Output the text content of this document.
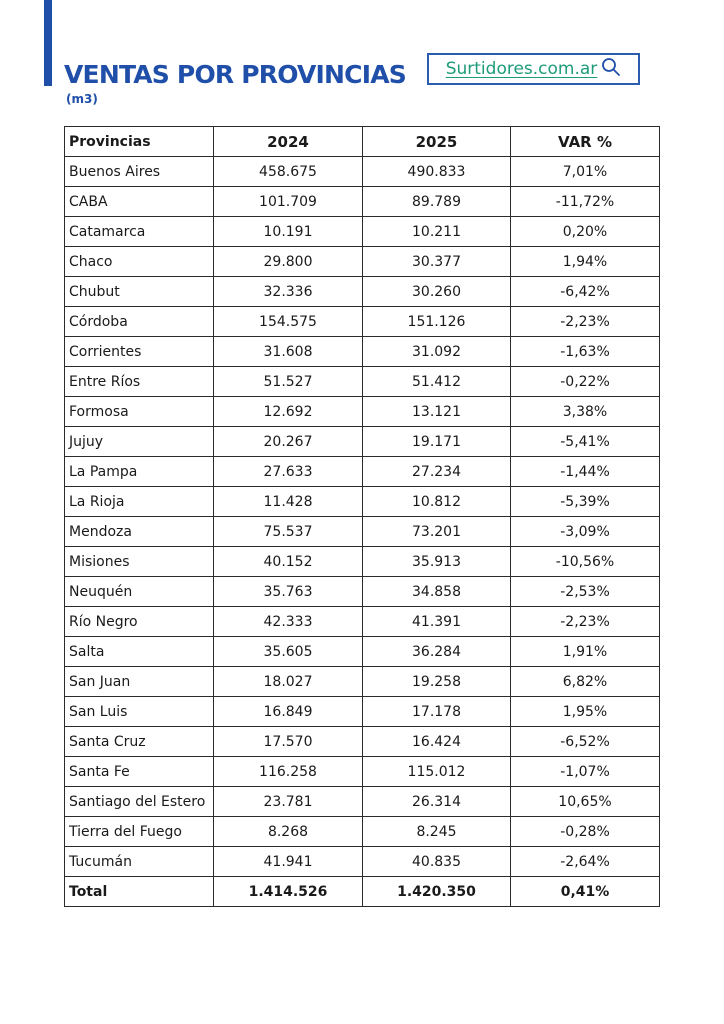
VENTAS POR PROVINCIAS
(m3)
Surtidores.com.ar
Provincias	2024	2025	VAR %
Buenos Aires	458.675	490.833	7,01%
CABA	101.709	89.789	-11,72%
Catamarca	10.191	10.211	0,20%
Chaco	29.800	30.377	1,94%
Chubut	32.336	30.260	-6,42%
Córdoba	154.575	151.126	-2,23%
Corrientes	31.608	31.092	-1,63%
Entre Ríos	51.527	51.412	-0,22%
Formosa	12.692	13.121	3,38%
Jujuy	20.267	19.171	-5,41%
La Pampa	27.633	27.234	-1,44%
La Rioja	11.428	10.812	-5,39%
Mendoza	75.537	73.201	-3,09%
Misiones	40.152	35.913	-10,56%
Neuquén	35.763	34.858	-2,53%
Río Negro	42.333	41.391	-2,23%
Salta	35.605	36.284	1,91%
San Juan	18.027	19.258	6,82%
San Luis	16.849	17.178	1,95%
Santa Cruz	17.570	16.424	-6,52%
Santa Fe	116.258	115.012	-1,07%
Santiago del Estero	23.781	26.314	10,65%
Tierra del Fuego	8.268	8.245	-0,28%
Tucumán	41.941	40.835	-2,64%
Total	1.414.526	1.420.350	0,41%
